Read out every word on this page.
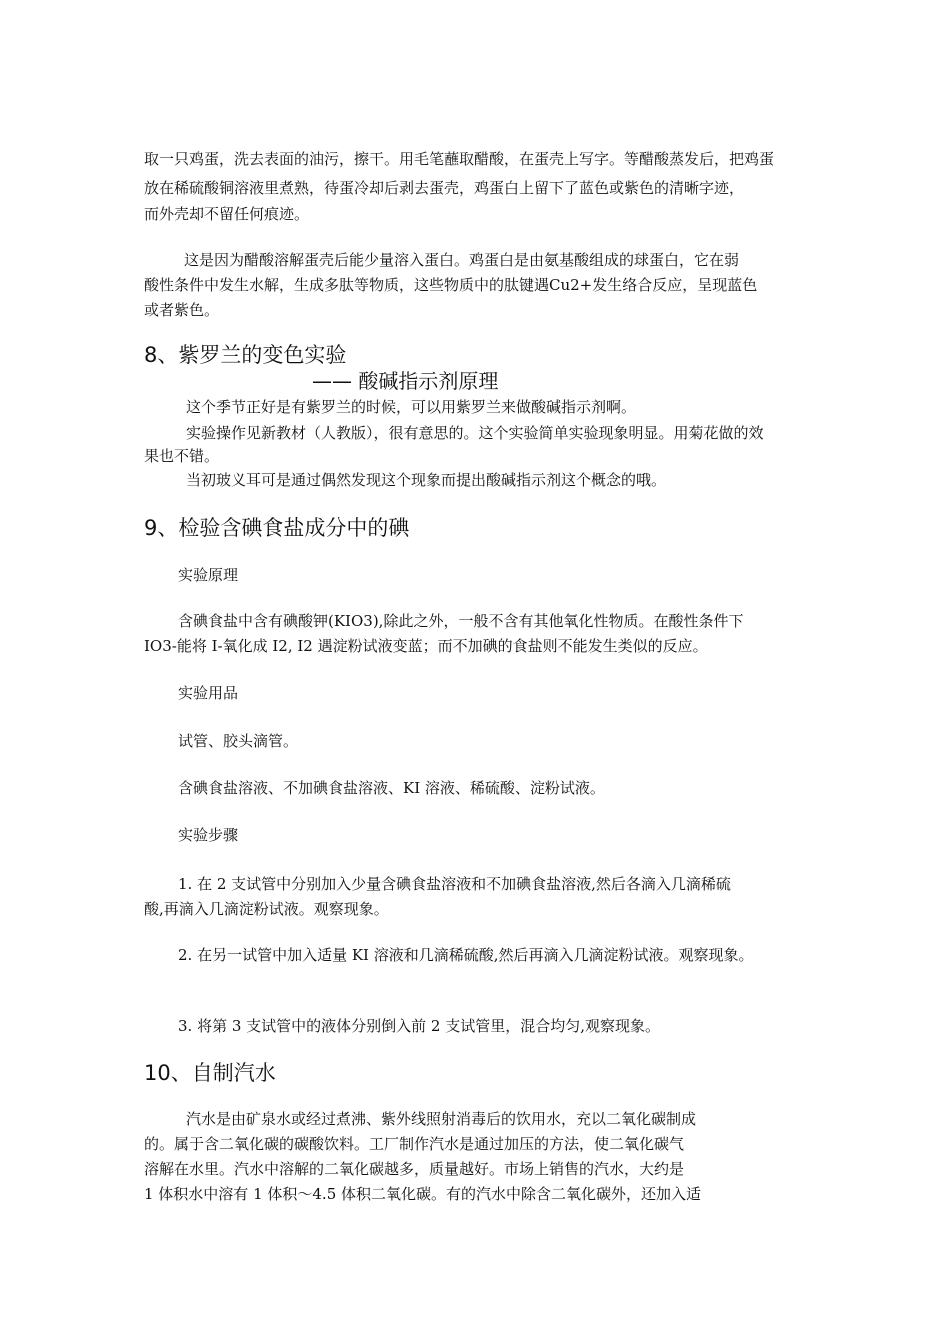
取一只鸡蛋，洗去表面的油污，擦干。用毛笔蘸取醋酸，在蛋壳上写字。等醋酸蒸发后，把鸡蛋
放在稀硫酸铜溶液里煮熟，待蛋冷却后剥去蛋壳，鸡蛋白上留下了蓝色或紫色的清晰字迹，
而外壳却不留任何痕迹。
这是因为醋酸溶解蛋壳后能少量溶入蛋白。鸡蛋白是由氨基酸组成的球蛋白，它在弱
酸性条件中发生水解，生成多肽等物质，这些物质中的肽键遇Cu2+发生络合反应，呈现蓝色
或者紫色。
8、紫罗兰的变色实验
—— 酸碱指示剂原理
这个季节正好是有紫罗兰的时候，可以用紫罗兰来做酸碱指示剂啊。
实验操作见新教材（人教版），很有意思的。这个实验简单实验现象明显。用菊花做的效
果也不错。
当初玻义耳可是通过偶然发现这个现象而提出酸碱指示剂这个概念的哦。
9、检验含碘食盐成分中的碘
实验原理
含碘食盐中含有碘酸钾(KIO3),除此之外，一般不含有其他氧化性物质。在酸性条件下
IO3-能将 I-氧化成 I2, I2 遇淀粉试液变蓝；而不加碘的食盐则不能发生类似的反应。
实验用品
试管、胶头滴管。
含碘食盐溶液、不加碘食盐溶液、KI 溶液、稀硫酸、淀粉试液。
实验步骤
1. 在 2 支试管中分别加入少量含碘食盐溶液和不加碘食盐溶液,然后各滴入几滴稀硫
酸,再滴入几滴淀粉试液。观察现象。
2. 在另一试管中加入适量 KI 溶液和几滴稀硫酸,然后再滴入几滴淀粉试液。观察现象。
3. 将第 3 支试管中的液体分别倒入前 2 支试管里，混合均匀,观察现象。
10、自制汽水
汽水是由矿泉水或经过煮沸、紫外线照射消毒后的饮用水，充以二氧化碳制成
的。属于含二氧化碳的碳酸饮料。工厂制作汽水是通过加压的方法，使二氧化碳气
溶解在水里。汽水中溶解的二氧化碳越多，质量越好。市场上销售的汽水，大约是
1 体积水中溶有 1 体积～4.5 体积二氧化碳。有的汽水中除含二氧化碳外，还加入适
